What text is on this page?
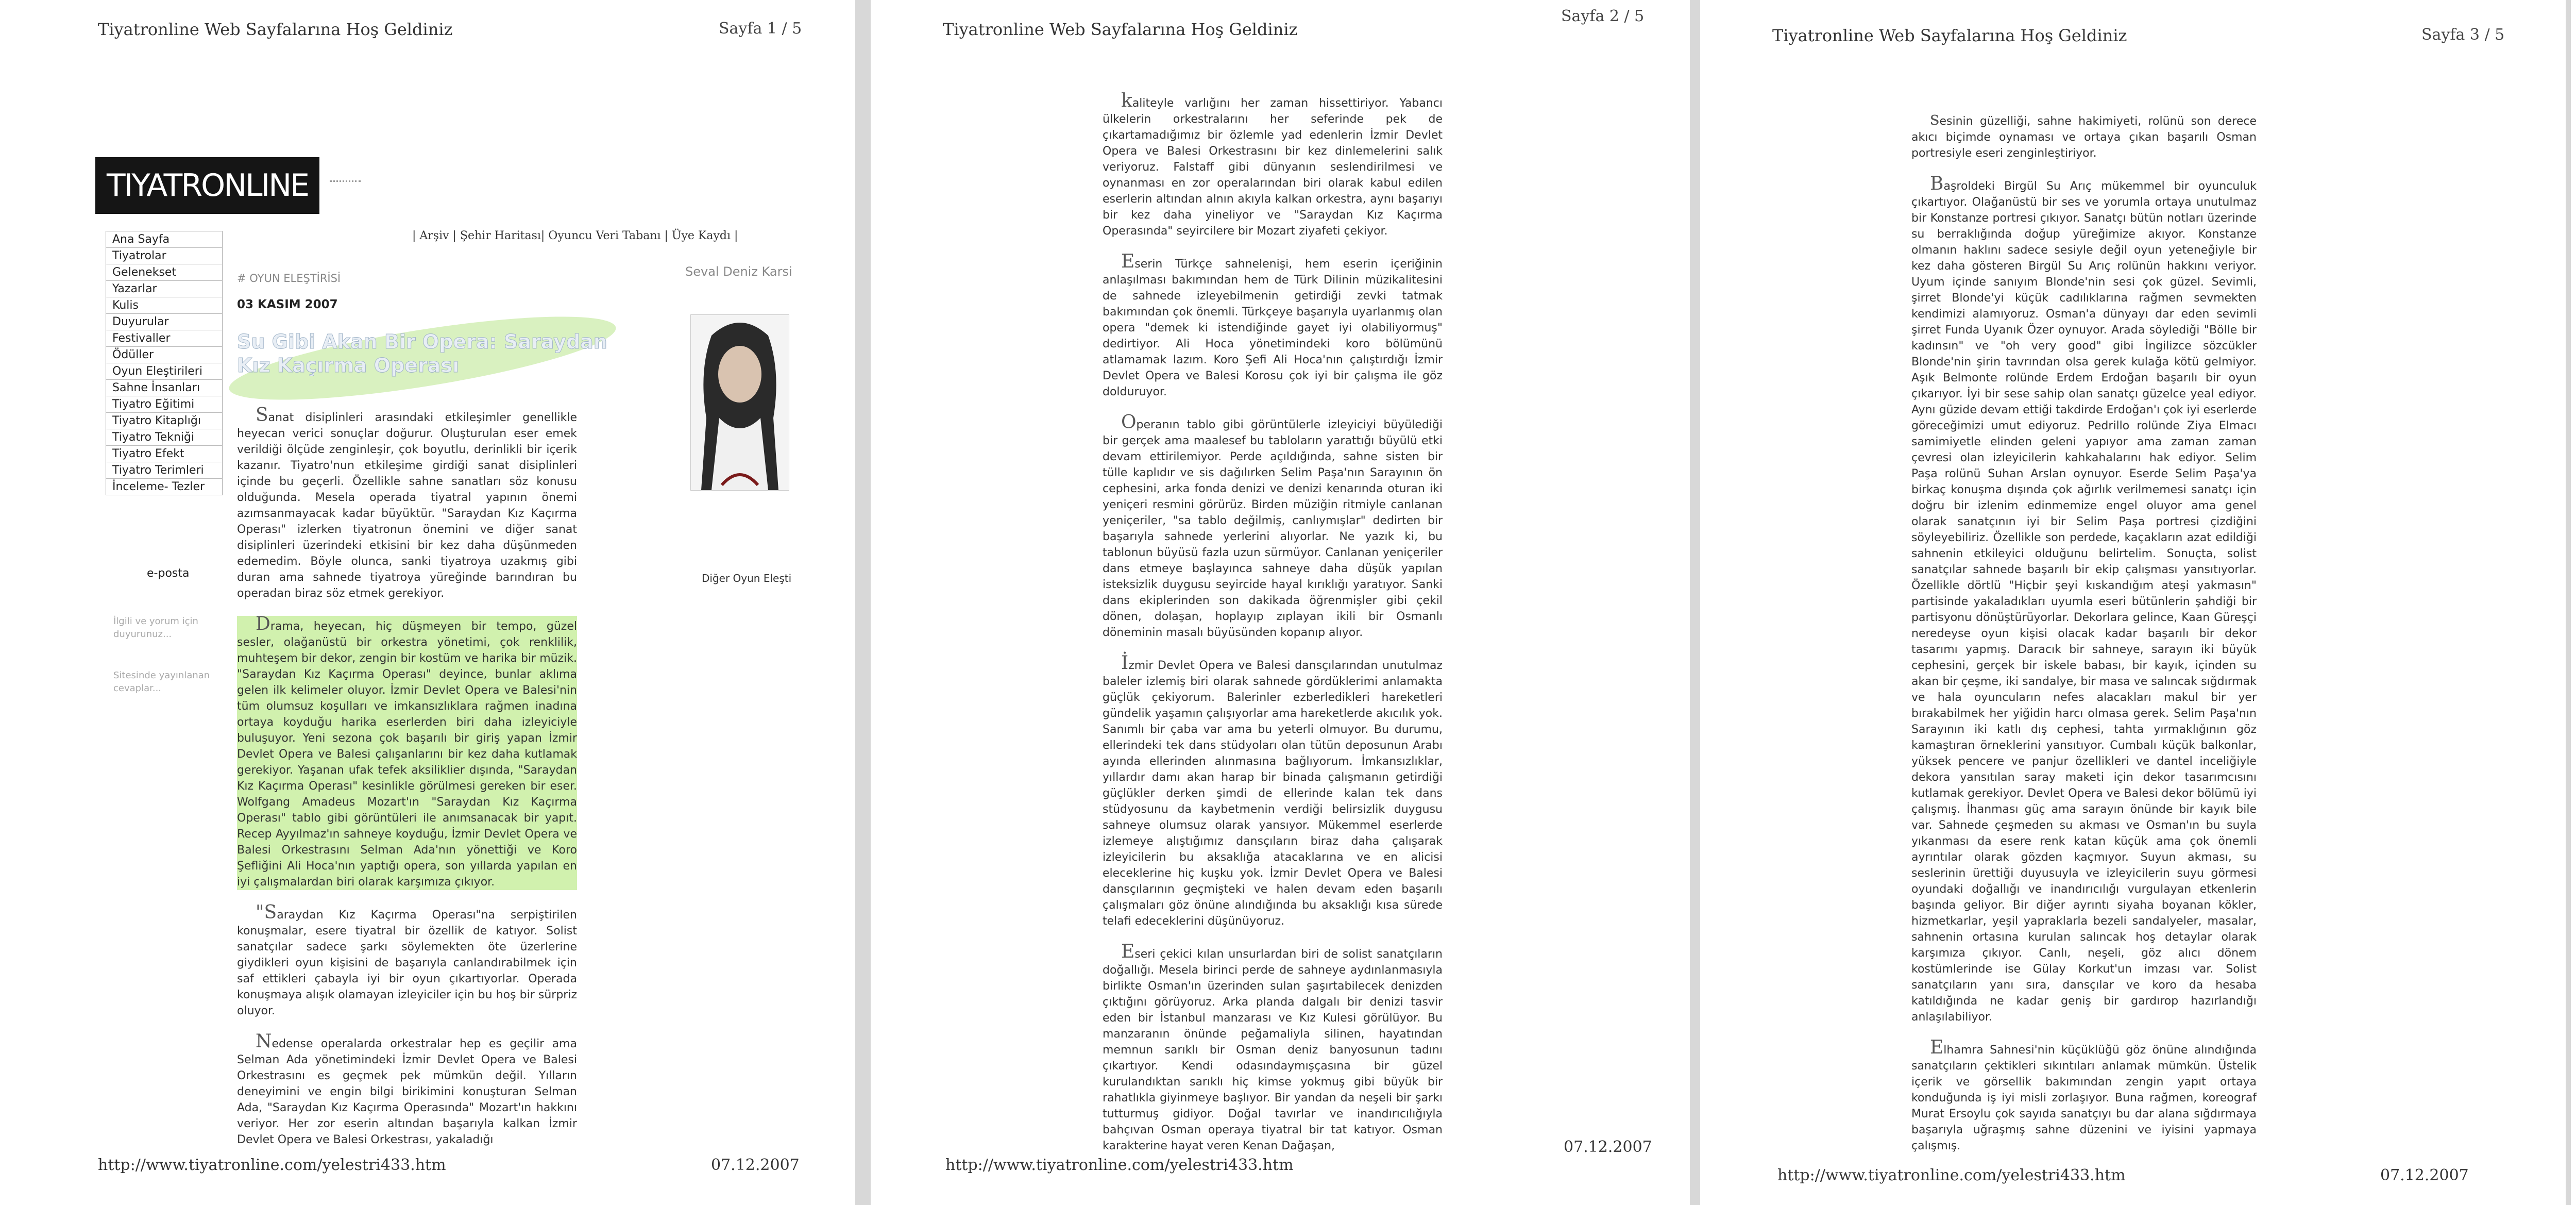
Tiyatronline Web Sayfalarına Hoş Geldiniz	Sayfa 1 / 5
TIYATRONLINE
| Arşiv | Şehir Haritası| Oyuncu Veri Tabanı | Üye Kaydı |
Ana Sayfa
Tiyatrolar
Gelenekset
Yazarlar
Kulis
Duyurular
Festivaller
Ödüller
Oyun Eleştirileri
Sahne İnsanları
Tiyatro Eğitimi
Tiyatro Kitaplığı
Tiyatro Tekniği
Tiyatro Efekt
Tiyatro Terimleri
İnceleme- Tezler
e-posta
İlgili ve yorum için
duyurunuz...
Sitesinde yayınlanan
cevaplar...
# OYUN ELEŞTİRİSİ	Seval Deniz Karsi
03 KASIM 2007
Su Gibi Akan Bir Opera: Saraydan Kız Kaçırma Operası
Diğer Oyun Eleşti

Sanat disiplinleri arasındaki etkileşimler genellikle heyecan verici sonuçlar doğurur. Oluşturulan eser emek verildiği ölçüde zenginleşir, çok boyutlu, derinlikli bir içerik kazanır. Tiyatro'nun etkileşime girdiği sanat disiplinleri içinde bu geçerli. Özellikle sahne sanatları söz konusu olduğunda. Mesela operada tiyatral yapının önemi azımsanmayacak kadar büyüktür. "Saraydan Kız Kaçırma Operası" izlerken tiyatronun önemini ve diğer sanat disiplinleri üzerindeki etkisini bir kez daha düşünmeden edemedim. Böyle olunca, sanki tiyatroya uzakmış gibi duran ama sahnede tiyatroya yüreğinde barındıran bu operadan biraz söz etmek gerekiyor.

Drama, heyecan, hiç düşmeyen bir tempo, güzel sesler, olağanüstü bir orkestra yönetimi, çok renklilik, muhteşem bir dekor, zengin bir kostüm ve harika bir müzik. "Saraydan Kız Kaçırma Operası" deyince, bunlar aklıma gelen ilk kelimeler oluyor. İzmir Devlet Opera ve Balesi'nin tüm olumsuz koşulları ve imkansızlıklara rağmen inadına ortaya koyduğu harika eserlerden biri daha izleyiciyle buluşuyor. Yeni sezona çok başarılı bir giriş yapan İzmir Devlet Opera ve Balesi çalışanlarını bir kez daha kutlamak gerekiyor. Yaşanan ufak tefek aksiliklier dışında, "Saraydan Kız Kaçırma Operası" kesinlikle görülmesi gereken bir eser. Wolfgang Amadeus Mozart'ın "Saraydan Kız Kaçırma Operası" tablo gibi görüntüleri ile anımsanacak bir yapıt. Recep Ayyılmaz'ın sahneye koyduğu, İzmir Devlet Opera ve Balesi Orkestrasını Selman Ada'nın yönettiği ve Koro Şefliğini Ali Hoca'nın yaptığı opera, son yıllarda yapılan en iyi çalışmalardan biri olarak karşımıza çıkıyor.

"Saraydan Kız Kaçırma Operası"na serpiştirilen konuşmalar, esere tiyatral bir özellik de katıyor. Solist sanatçılar sadece şarkı söylemekten öte üzerlerine giydikleri oyun kişisini de başarıyla canlandırabilmek için saf ettikleri çabayla iyi bir oyun çıkartıyorlar. Operada konuşmaya alışık olamayan izleyiciler için bu hoş bir sürpriz oluyor.

Nedense operalarda orkestralar hep es geçilir ama Selman Ada yönetimindeki İzmir Devlet Opera ve Balesi Orkestrasını es geçmek pek mümkün değil. Yılların deneyimini ve engin bilgi birikimini konuşturan Selman Ada, "Saraydan Kız Kaçırma Operasında" Mozart'ın hakkını veriyor. Her zor eserin altından başarıyla kalkan İzmir Devlet Opera ve Balesi Orkestrası, yakaladığı

http://www.tiyatronline.com/yelestri433.htm	07.12.2007
Tiyatronline Web Sayfalarına Hoş Geldiniz
Sayfa 2 / 5

kaliteyle varlığını her zaman hissettiriyor. Yabancı ülkelerin orkestralarını her seferinde pek de çıkartamadığımız bir özlemle yad edenlerin İzmir Devlet Opera ve Balesi Orkestrasını bir kez dinlemelerini salık veriyoruz. Falstaff gibi dünyanın seslendirilmesi ve oynanması en zor operalarından biri olarak kabul edilen eserlerin altından alnın akıyla kalkan orkestra, aynı başarıyı bir kez daha yineliyor ve "Saraydan Kız Kaçırma Operasında" seyircilere bir Mozart ziyafeti çekiyor.

Eserin Türkçe sahnelenişi, hem eserin içeriğinin anlaşılması bakımından hem de Türk Dilinin müzikalitesini de sahnede izleyebilmenin getirdiği zevki tatmak bakımından çok önemli. Türkçeye başarıyla uyarlanmış olan opera "demek ki istendiğinde gayet iyi olabiliyormuş" dedirtiyor. Ali Hoca yönetimindeki koro bölümünü atlamamak lazım. Koro Şefi Ali Hoca'nın çalıştırdığı İzmir Devlet Opera ve Balesi Korosu çok iyi bir çalışma ile göz dolduruyor.

Operanın tablo gibi görüntülerle izleyiciyi büyülediği bir gerçek ama maalesef bu tabloların yarattığı büyülü etki devam ettirilemiyor. Perde açıldığında, sahne sisten bir tülle kaplıdır ve sis dağılırken Selim Paşa'nın Sarayının ön cephesini, arka fonda denizi ve denizi kenarında oturan iki yeniçeri resmini görürüz. Birden müziğin ritmiyle canlanan yeniçeriler, "sa tablo değilmiş, canlıymışlar" dedirten bir başarıyla sahnede yerlerini alıyorlar. Ne yazık ki, bu tablonun büyüsü fazla uzun sürmüyor. Canlanan yeniçeriler dans etmeye başlayınca sahneye daha düşük yapılan isteksizlik duygusu seyircide hayal kırıklığı yaratıyor. Sanki dans ekiplerinden son dakikada öğrenmişler gibi çekil dönen, dolaşan, hoplayıp zıplayan ikili bir Osmanlı döneminin masalı büyüsünden kopanıp alıyor.

İzmir Devlet Opera ve Balesi dansçılarından unutulmaz baleler izlemiş biri olarak sahnede gördüklerimi anlamakta güçlük çekiyorum. Balerinler ezberledikleri hareketleri gündelik yaşamın çalışıyorlar ama hareketlerde akıcılık yok. Sanımlı bir çaba var ama bu yeterli olmuyor. Bu durumu, ellerindeki tek dans stüdyoları olan tütün deposunun Arabı ayında ellerinden alınmasına bağlıyorum. İmkansızlıklar, yıllardır damı akan harap bir binada çalışmanın getirdiği güçlükler derken şimdi de ellerinde kalan tek dans stüdyosunu da kaybetmenin verdiği belirsizlik duygusu sahneye olumsuz olarak yansıyor. Mükemmel eserlerde izlemeye alıştığımız dansçıların biraz daha çalışarak izleyicilerin bu aksaklığa atacaklarına ve en alicisi eleceklerine hiç kuşku yok. İzmir Devlet Opera ve Balesi dansçılarının geçmişteki ve halen devam eden başarılı çalışmaları göz önüne alındığında bu aksaklığı kısa sürede telafi edeceklerini düşünüyoruz.

Eseri çekici kılan unsurlardan biri de solist sanatçıların doğallığı. Mesela birinci perde de sahneye aydınlanmasıyla birlikte Osman'ın üzerinden sulan şaşırtabilecek denizden çıktığını görüyoruz. Arka planda dalgalı bir denizi tasvir eden bir İstanbul manzarası ve Kız Kulesi görülüyor. Bu manzaranın önünde peğamaliyla silinen, hayatından memnun sarıklı bir Osman deniz banyosunun tadını çıkartıyor. Kendi odasındaymışçasına bir güzel kurulandıktan sarıklı hiç kimse yokmuş gibi büyük bir rahatlıkla giyinmeye başlıyor. Bir yandan da neşeli bir şarkı tutturmuş gidiyor. Doğal tavırlar ve inandırıcılığıyla bahçıvan Osman operaya tiyatral bir tat katıyor. Osman karakterine hayat veren Kenan Dağaşan,

http://www.tiyatronline.com/yelestri433.htm
07.12.2007
Tiyatronline Web Sayfalarına Hoş Geldiniz	Sayfa 3 / 5

sesinin güzelliği, sahne hakimiyeti, rolünü son derece akıcı biçimde oynaması ve ortaya çıkan başarılı Osman portresiyle eseri zenginleştiriyor.

Başroldeki Birgül Su Arıç mükemmel bir oyunculuk çıkartıyor. Olağanüstü bir ses ve yorumla ortaya unutulmaz bir Konstanze portresi çıkıyor. Sanatçı bütün notları üzerinde su berraklığında doğup yüreğimize akıyor. Konstanze olmanın haklını sadece sesiyle değil oyun yeteneğiyle bir kez daha gösteren Birgül Su Arıç rolünün hakkını veriyor. Uyum içinde sanıyım Blonde'nin sesi çok güzel. Sevimli, şirret Blonde'yi küçük cadılıklarına rağmen sevmekten kendimizi alamıyoruz. Osman'a dünyayı dar eden sevimli şirret Funda Uyanık Özer oynuyor. Arada söylediği "Bölle bir kadınsın" ve "oh very good" gibi İngilizce sözcükler Blonde'nin şirin tavrından olsa gerek kulağa kötü gelmiyor. Aşık Belmonte rolünde Erdem Erdoğan başarılı bir oyun çıkarıyor. İyi bir sese sahip olan sanatçı güzelce yeal ediyor. Aynı güzide devam ettiği takdirde Erdoğan'ı çok iyi eserlerde göreceğimizi umut ediyoruz. Pedrillo rolünde Ziya Elmacı samimiyetle elinden geleni yapıyor ama zaman zaman çevresi olan izleyicilerin kahkahalarını hak ediyor. Selim Paşa rolünü Suhan Arslan oynuyor. Eserde Selim Paşa'ya birkaç konuşma dışında çok ağırlık verilmemesi sanatçı için doğru bir izlenim edinmemize engel oluyor ama genel olarak sanatçının iyi bir Selim Paşa portresi çizdiğini söyleyebiliriz. Özellikle son perdede, kaçakların azat edildiği sahnenin etkileyici olduğunu belirtelim. Sonuçta, solist sanatçılar sahnede başarılı bir ekip çalışması yansıtıyorlar. Özellikle dörtlü "Hiçbir şeyi kıskandığım ateşi yakmasın" partisinde yakaladıkları uyumla eseri bütünlerin şahdiği bir partisyonu dönüştürüyorlar. Dekorlara gelince, Kaan Güreşçi neredeyse oyun kişisi olacak kadar başarılı bir dekor tasarımı yapmış. Daracık bir sahneye, sarayın iki büyük cephesini, gerçek bir iskele babası, bir kayık, içinden su akan bir çeşme, iki sandalye, bir masa ve salıncak sığdırmak ve hala oyuncuların nefes alacakları makul bir yer bırakabilmek her yiğidin harcı olmasa gerek. Selim Paşa'nın Sarayının iki katlı dış cephesi, tahta yırmaklığının göz kamaştıran örneklerini yansıtıyor. Cumbalı küçük balkonlar, yüksek pencere ve panjur özellikleri ve dantel inceliğiyle dekora yansıtılan saray maketi için dekor tasarımcısını kutlamak gerekiyor. Devlet Opera ve Balesi dekor bölümü iyi çalışmış. İhanması güç ama sarayın önünde bir kayık bile var. Sahnede çeşmeden su akması ve Osman'ın bu suyla yıkanması da esere renk katan küçük ama çok önemli ayrıntılar olarak gözden kaçmıyor. Suyun akması, su seslerinin ürettiği duyusuyla ve izleyicilerin suyu görmesi oyundaki doğallığı ve inandırıcılığı vurgulayan etkenlerin başında geliyor. Bir diğer ayrıntı siyaha boyanan kökler, hizmetkarlar, yeşil yapraklarla bezeli sandalyeler, masalar, sahnenin ortasına kurulan salıncak hoş detaylar olarak karşımıza çıkıyor. Canlı, neşeli, göz alıcı dönem kostümlerinde ise Gülay Korkut'un imzası var. Solist sanatçıların yanı sıra, dansçılar ve koro da hesaba katıldığında ne kadar geniş bir gardırop hazırlandığı anlaşılabiliyor.

Elhamra Sahnesi'nin küçüklüğü göz önüne alındığında sanatçıların çektikleri sıkıntıları anlamak mümkün. Üstelik içerik ve görsellik bakımından zengin yapıt ortaya konduğunda iş iyi misli zorlaşıyor. Buna rağmen, koreograf Murat Ersoylu çok sayıda sanatçıyı bu dar alana sığdırmaya başarıyla uğraşmış sahne düzenini ve iyisini yapmaya çalışmış.

http://www.tiyatronline.com/yelestri433.htm	07.12.2007
